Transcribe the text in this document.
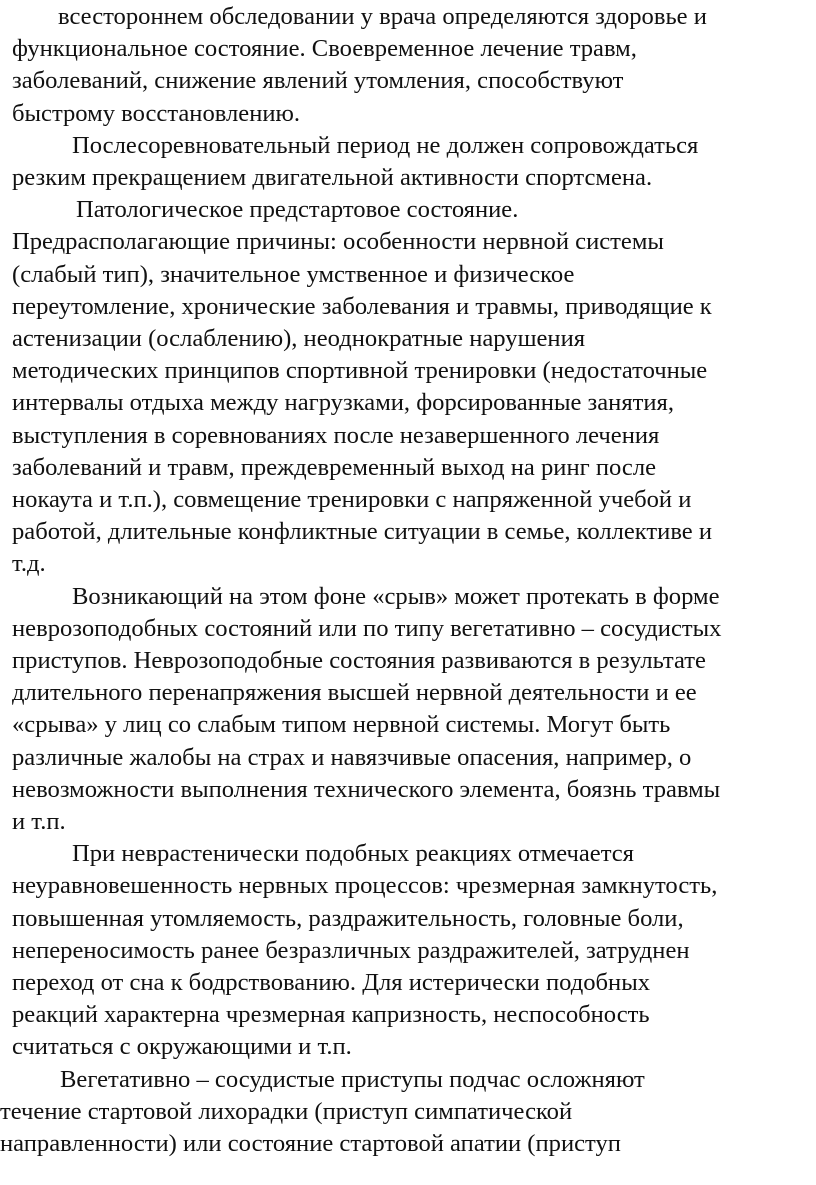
всестороннем обследовании у врача определяются здоровье и
функциональное состояние. Своевременное лечение травм,
заболеваний, снижение явлений утомления, способствуют
быстрому восстановлению.
Послесоревновательный период не должен сопровождаться
резким прекращением двигательной активности спортсмена.
Патологическое предстартовое состояние.
Предрасполагающие причины: особенности нервной системы
(слабый тип), значительное умственное и физическое
переутомление, хронические заболевания и травмы, приводящие к
астенизации (ослаблению), неоднократные нарушения
методических принципов спортивной тренировки (недостаточные
интервалы отдыха между нагрузками, форсированные занятия,
выступления в соревнованиях после незавершенного лечения
заболеваний и травм, преждевременный выход на ринг после
нокаута и т.п.), совмещение тренировки с напряженной учебой и
работой, длительные конфликтные ситуации в семье, коллективе и
т.д.
Возникающий на этом фоне «срыв» может протекать в форме
неврозоподобных состояний или по типу вегетативно – сосудистых
приступов. Неврозоподобные состояния развиваются в результате
длительного перенапряжения высшей нервной деятельности и ее
«срыва» у лиц со слабым типом нервной системы. Могут быть
различные жалобы на страх и навязчивые опасения, например, о
невозможности выполнения технического элемента, боязнь травмы
и т.п.
При неврастенически подобных реакциях отмечается
неуравновешенность нервных процессов: чрезмерная замкнутость,
повышенная утомляемость, раздражительность, головные боли,
непереносимость ранее безразличных раздражителей, затруднен
переход от сна к бодрствованию. Для истерически подобных
реакций характерна чрезмерная капризность, неспособность
считаться с окружающими и т.п.
Вегетативно – сосудистые приступы подчас осложняют
течение стартовой лихорадки (приступ симпатической
направленности) или состояние стартовой апатии (приступ
